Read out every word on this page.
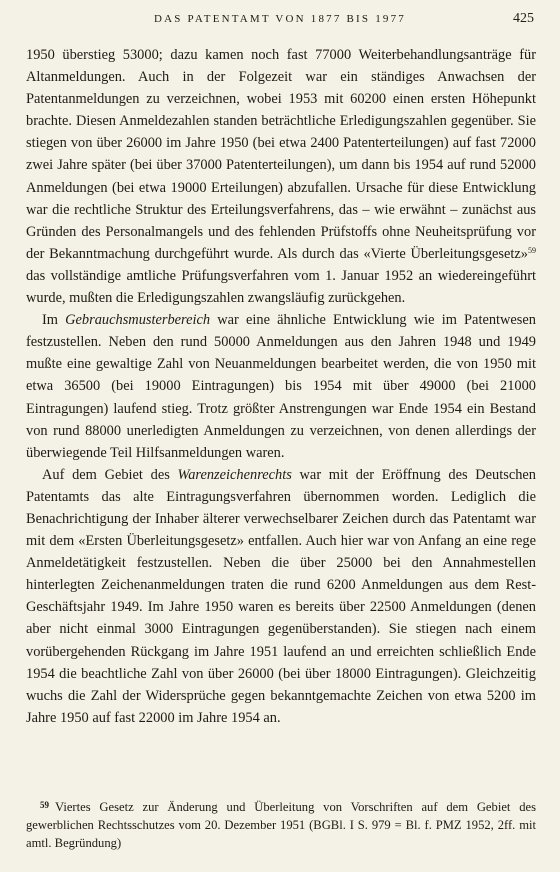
DAS PATENTAMT VON 1877 BIS 1977	425

1950 überstieg 53000; dazu kamen noch fast 77000 Weiterbehandlungsanträge für Altanmeldungen. Auch in der Folgezeit war ein ständiges Anwachsen der Patentanmeldungen zu verzeichnen, wobei 1953 mit 60200 einen ersten Höhepunkt brachte. Diesen Anmeldezahlen standen beträchtliche Erledigungszahlen gegenüber. Sie stiegen von über 26000 im Jahre 1950 (bei etwa 2400 Patenterteilungen) auf fast 72000 zwei Jahre später (bei über 37000 Patenterteilungen), um dann bis 1954 auf rund 52000 Anmeldungen (bei etwa 19000 Erteilungen) abzufallen. Ursache für diese Entwicklung war die rechtliche Struktur des Erteilungsverfahrens, das – wie erwähnt – zunächst aus Gründen des Personalmangels und des fehlenden Prüfstoffs ohne Neuheitsprüfung vor der Bekanntmachung durchgeführt wurde. Als durch das «Vierte Überleitungsgesetz»$^{59}$ das vollständige amtliche Prüfungsverfahren vom 1. Januar 1952 an wiedereingeführt wurde, mußten die Erledigungszahlen zwangsläufig zurückgehen.

Im Gebrauchsmusterbereich war eine ähnliche Entwicklung wie im Patentwesen festzustellen. Neben den rund 50000 Anmeldungen aus den Jahren 1948 und 1949 mußte eine gewaltige Zahl von Neuanmeldungen bearbeitet werden, die von 1950 mit etwa 36500 (bei 19000 Eintragungen) bis 1954 mit über 49000 (bei 21000 Eintragungen) laufend stieg. Trotz größter Anstrengungen war Ende 1954 ein Bestand von rund 88000 unerledigten Anmeldungen zu verzeichnen, von denen allerdings der überwiegende Teil Hilfsanmeldungen waren.

Auf dem Gebiet des Warenzeichenrechts war mit der Eröffnung des Deutschen Patentamts das alte Eintragungsverfahren übernommen worden. Lediglich die Benachrichtigung der Inhaber älterer verwechselbarer Zeichen durch das Patentamt war mit dem «Ersten Überleitungsgesetz» entfallen. Auch hier war von Anfang an eine rege Anmeldetätigkeit festzustellen. Neben die über 25000 bei den Annahmestellen hinterlegten Zeichenanmeldungen traten die rund 6200 Anmeldungen aus dem Rest-Geschäftsjahr 1949. Im Jahre 1950 waren es bereits über 22500 Anmeldungen (denen aber nicht einmal 3000 Eintragungen gegenüberstanden). Sie stiegen nach einem vorübergehenden Rückgang im Jahre 1951 laufend an und erreichten schließlich Ende 1954 die beachtliche Zahl von über 26000 (bei über 18000 Eintragungen). Gleichzeitig wuchs die Zahl der Widersprüche gegen bekanntgemachte Zeichen von etwa 5200 im Jahre 1950 auf fast 22000 im Jahre 1954 an.

$^{59}$ Viertes Gesetz zur Änderung und Überleitung von Vorschriften auf dem Gebiet des gewerblichen Rechtsschutzes vom 20. Dezember 1951 (BGBl. I S. 979 = Bl. f. PMZ 1952, 2ff. mit amtl. Begründung)
